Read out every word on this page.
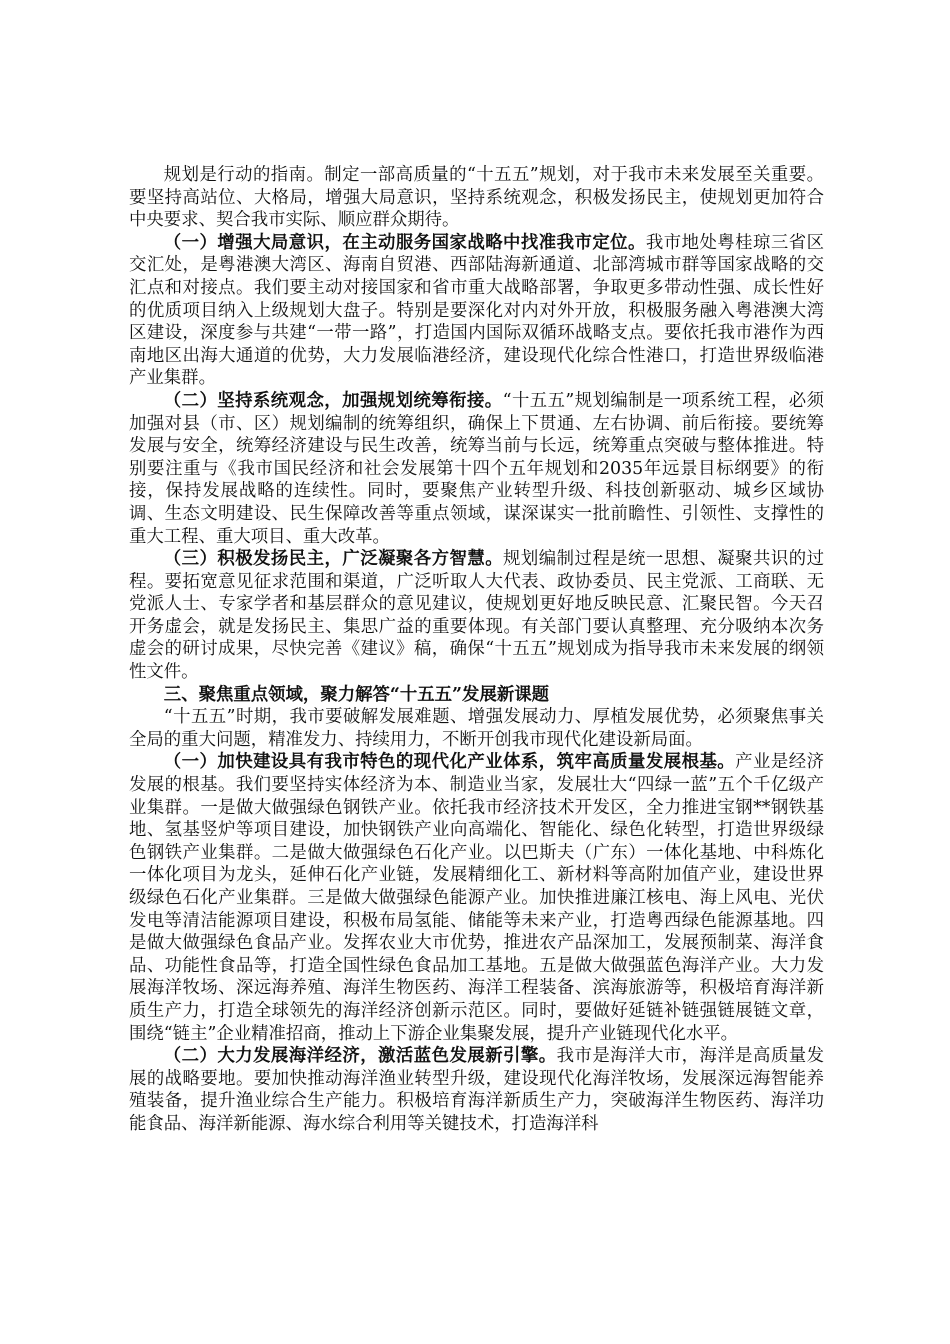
规划是行动的指南。制定一部高质量的“十五五”规划，对于我市未来发展至关重要。要坚持高站位、大格局，增强大局意识，坚持系统观念，积极发扬民主，使规划更加符合中央要求、契合我市实际、顺应群众期待。

（一）增强大局意识，在主动服务国家战略中找准我市定位。我市地处粤桂琼三省区交汇处，是粤港澳大湾区、海南自贸港、西部陆海新通道、北部湾城市群等国家战略的交汇点和对接点。我们要主动对接国家和省市重大战略部署，争取更多带动性强、成长性好的优质项目纳入上级规划大盘子。特别是要深化对内对外开放，积极服务融入粤港澳大湾区建设，深度参与共建“一带一路”，打造国内国际双循环战略支点。要依托我市港作为西南地区出海大通道的优势，大力发展临港经济，建设现代化综合性港口，打造世界级临港产业集群。

（二）坚持系统观念，加强规划统筹衔接。“十五五”规划编制是一项系统工程，必须加强对县（市、区）规划编制的统筹组织，确保上下贯通、左右协调、前后衔接。要统筹发展与安全，统筹经济建设与民生改善，统筹当前与长远，统筹重点突破与整体推进。特别要注重与《我市国民经济和社会发展第十四个五年规划和2035年远景目标纲要》的衔接，保持发展战略的连续性。同时，要聚焦产业转型升级、科技创新驱动、城乡区域协调、生态文明建设、民生保障改善等重点领域，谋深谋实一批前瞻性、引领性、支撑性的重大工程、重大项目、重大改革。

（三）积极发扬民主，广泛凝聚各方智慧。规划编制过程是统一思想、凝聚共识的过程。要拓宽意见征求范围和渠道，广泛听取人大代表、政协委员、民主党派、工商联、无党派人士、专家学者和基层群众的意见建议，使规划更好地反映民意、汇聚民智。今天召开务虚会，就是发扬民主、集思广益的重要体现。有关部门要认真整理、充分吸纳本次务虚会的研讨成果，尽快完善《建议》稿，确保“十五五”规划成为指导我市未来发展的纲领性文件。

三、聚焦重点领域，聚力解答“十五五”发展新课题

“十五五”时期，我市要破解发展难题、增强发展动力、厚植发展优势，必须聚焦事关全局的重大问题，精准发力、持续用力，不断开创我市现代化建设新局面。

（一）加快建设具有我市特色的现代化产业体系，筑牢高质量发展根基。产业是经济发展的根基。我们要坚持实体经济为本、制造业当家，发展壮大“四绿一蓝”五个千亿级产业集群。一是做大做强绿色钢铁产业。依托我市经济技术开发区，全力推进宝钢**钢铁基地、氢基竖炉等项目建设，加快钢铁产业向高端化、智能化、绿色化转型，打造世界级绿色钢铁产业集群。二是做大做强绿色石化产业。以巴斯夫（广东）一体化基地、中科炼化一体化项目为龙头，延伸石化产业链，发展精细化工、新材料等高附加值产业，建设世界级绿色石化产业集群。三是做大做强绿色能源产业。加快推进廉江核电、海上风电、光伏发电等清洁能源项目建设，积极布局氢能、储能等未来产业，打造粤西绿色能源基地。四是做大做强绿色食品产业。发挥农业大市优势，推进农产品深加工，发展预制菜、海洋食品、功能性食品等，打造全国性绿色食品加工基地。五是做大做强蓝色海洋产业。大力发展海洋牧场、深远海养殖、海洋生物医药、海洋工程装备、滨海旅游等，积极培育海洋新质生产力，打造全球领先的海洋经济创新示范区。同时，要做好延链补链强链展链文章，围绕“链主”企业精准招商，推动上下游企业集聚发展，提升产业链现代化水平。

（二）大力发展海洋经济，激活蓝色发展新引擎。我市是海洋大市，海洋是高质量发展的战略要地。要加快推动海洋渔业转型升级，建设现代化海洋牧场，发展深远海智能养殖装备，提升渔业综合生产能力。积极培育海洋新质生产力，突破海洋生物医药、海洋功能食品、海洋新能源、海水综合利用等关键技术，打造海洋科
